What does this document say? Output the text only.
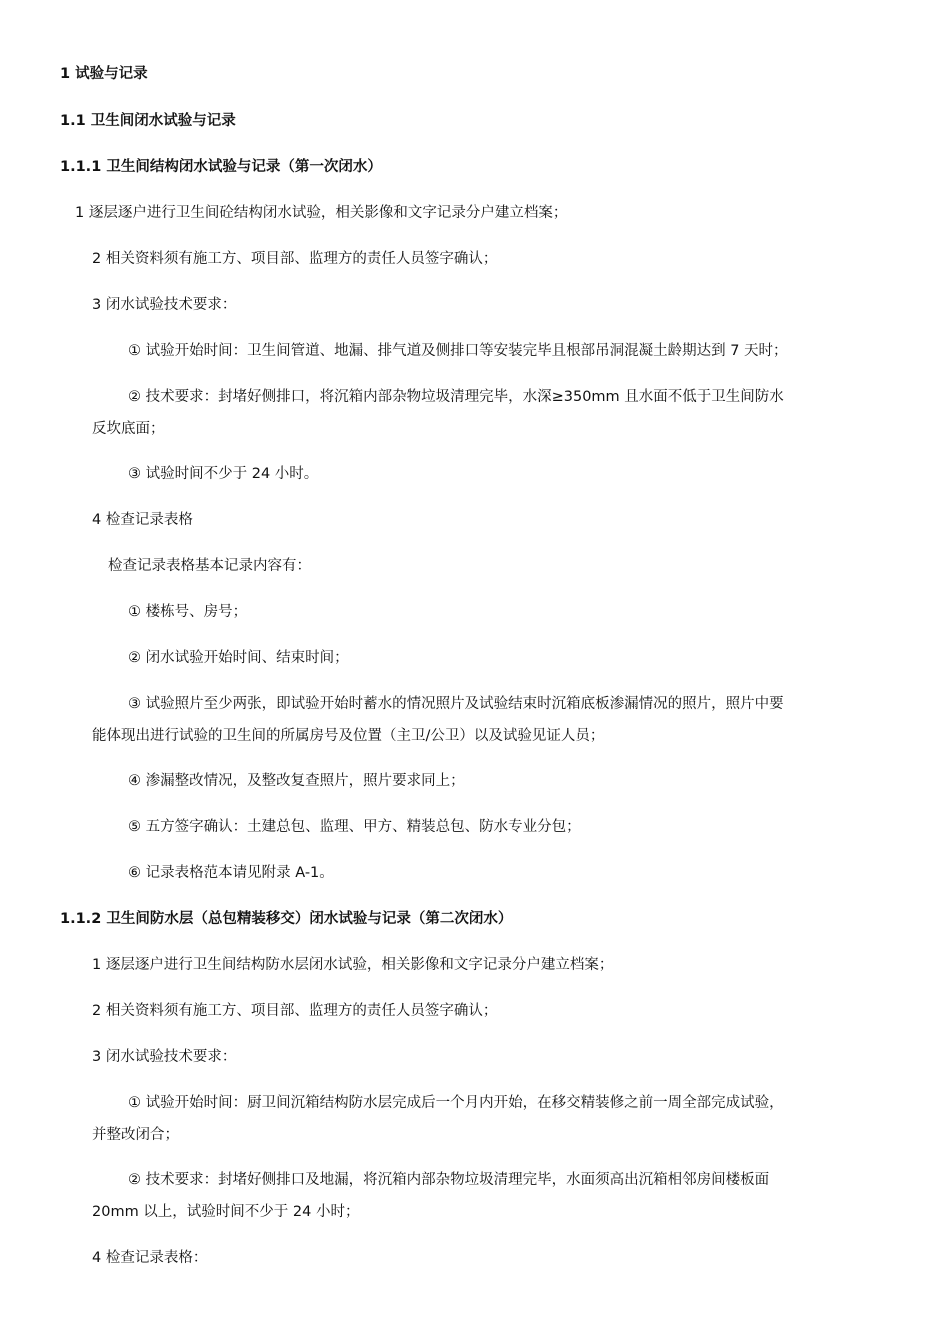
1 试验与记录

1.1 卫生间闭水试验与记录

1.1.1 卫生间结构闭水试验与记录（第一次闭水）

1 逐层逐户进行卫生间砼结构闭水试验，相关影像和文字记录分户建立档案；

2 相关资料须有施工方、项目部、监理方的责任人员签字确认；

3 闭水试验技术要求：

① 试验开始时间：卫生间管道、地漏、排气道及侧排口等安装完毕且根部吊洞混凝土龄期达到 7 天时；

② 技术要求：封堵好侧排口，将沉箱内部杂物垃圾清理完毕，水深≥350mm 且水面不低于卫生间防水

反坎底面；

③ 试验时间不少于 24 小时。

4 检查记录表格

检查记录表格基本记录内容有：

① 楼栋号、房号；

② 闭水试验开始时间、结束时间；

③ 试验照片至少两张，即试验开始时蓄水的情况照片及试验结束时沉箱底板渗漏情况的照片，照片中要

能体现出进行试验的卫生间的所属房号及位置（主卫/公卫）以及试验见证人员；

④ 渗漏整改情况，及整改复查照片，照片要求同上；

⑤ 五方签字确认：土建总包、监理、甲方、精装总包、防水专业分包；

⑥ 记录表格范本请见附录 A-1。

1.1.2 卫生间防水层（总包精装移交）闭水试验与记录（第二次闭水）

1 逐层逐户进行卫生间结构防水层闭水试验，相关影像和文字记录分户建立档案；

2 相关资料须有施工方、项目部、监理方的责任人员签字确认；

3 闭水试验技术要求：

① 试验开始时间：厨卫间沉箱结构防水层完成后一个月内开始，在移交精装修之前一周全部完成试验，

并整改闭合；

② 技术要求：封堵好侧排口及地漏，将沉箱内部杂物垃圾清理完毕，水面须高出沉箱相邻房间楼板面

20mm 以上，试验时间不少于 24 小时；

4 检查记录表格：
